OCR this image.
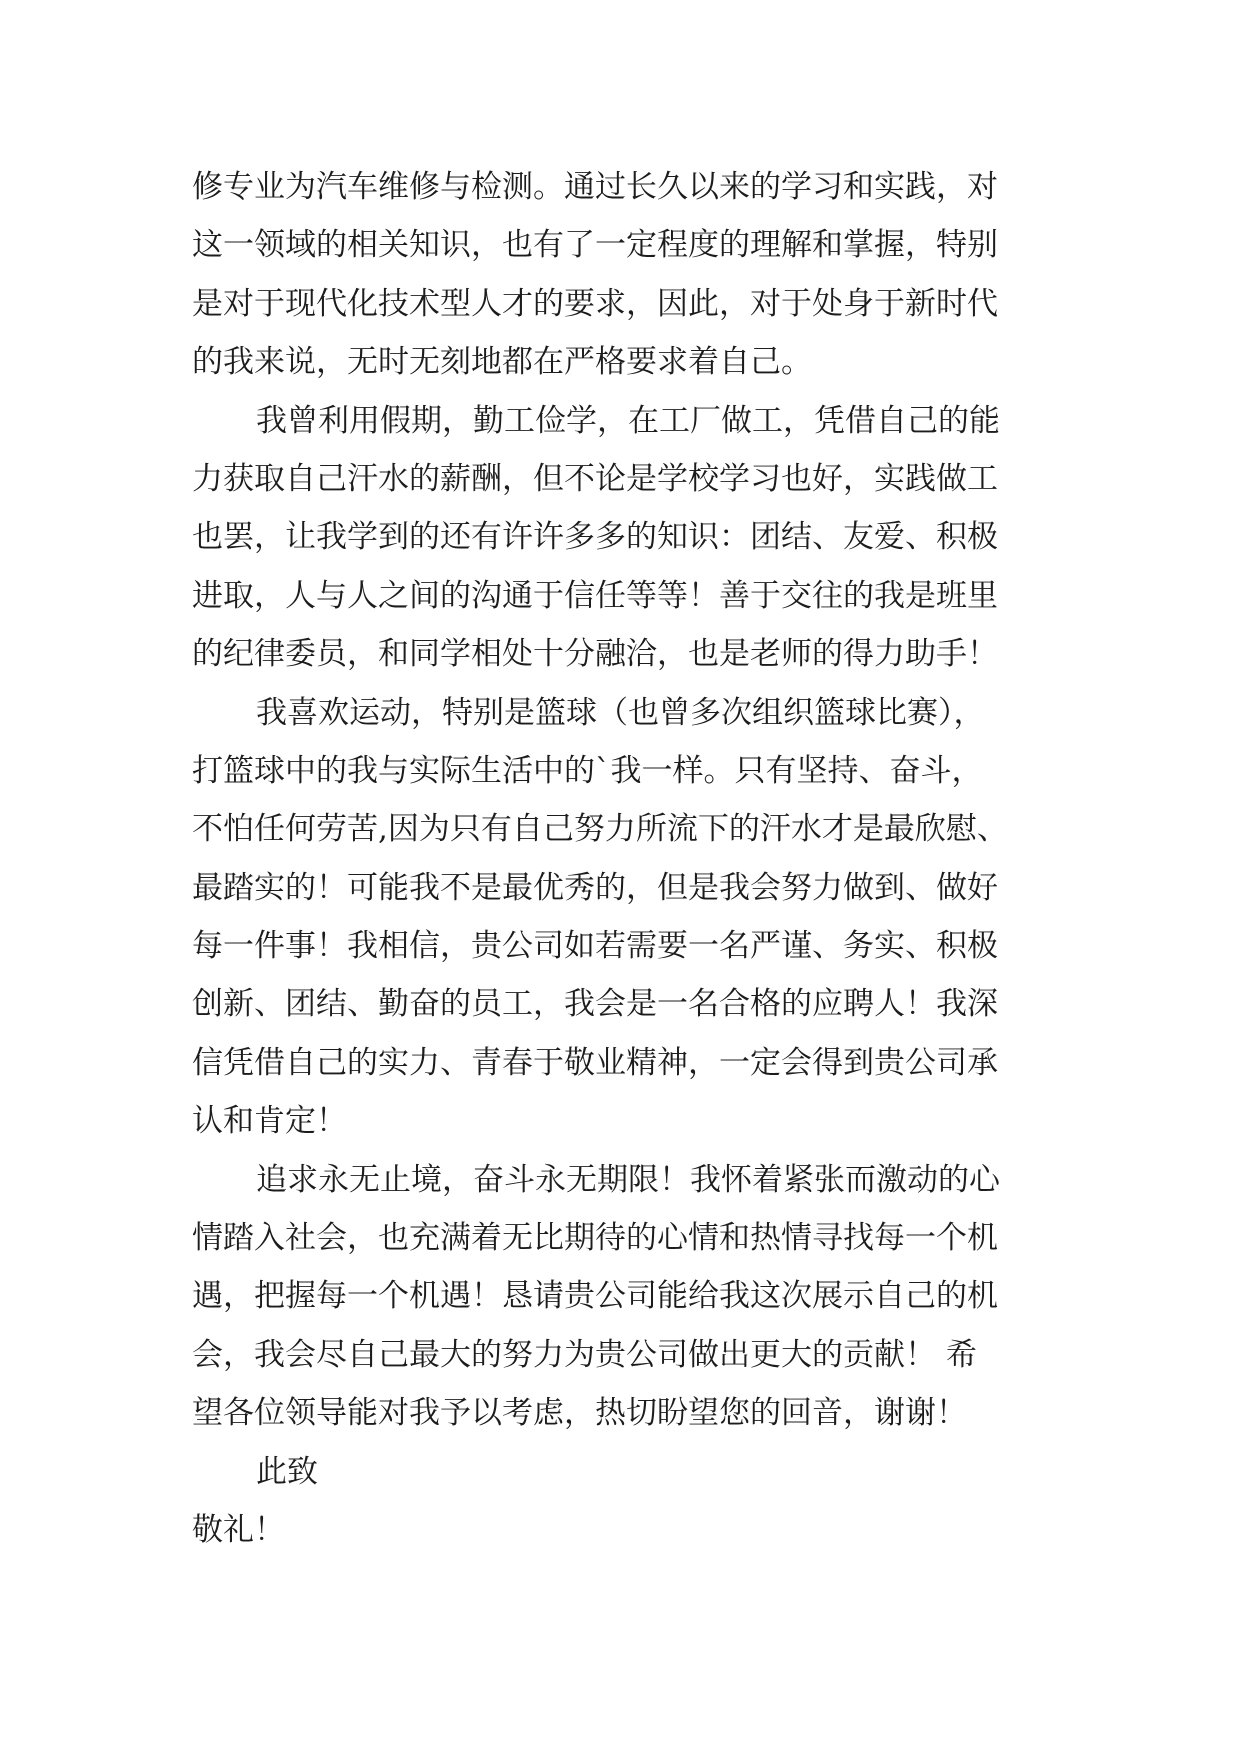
修专业为汽车维修与检测。通过长久以来的学习和实践，对
这一领域的相关知识，也有了一定程度的理解和掌握，特别
是对于现代化技术型人才的要求，因此，对于处身于新时代
的我来说，无时无刻地都在严格要求着自己。
我曾利用假期，勤工俭学，在工厂做工，凭借自己的能
力获取自己汗水的薪酬，但不论是学校学习也好，实践做工
也罢，让我学到的还有许许多多的知识：团结、友爱、积极
进取，人与人之间的沟通于信任等等！善于交往的我是班里
的纪律委员，和同学相处十分融洽，也是老师的得力助手！
我喜欢运动，特别是篮球（也曾多次组织篮球比赛），
打篮球中的我与实际生活中的`我一样。只有坚持、奋斗，
不怕任何劳苦,因为只有自己努力所流下的汗水才是最欣慰、
最踏实的！可能我不是最优秀的，但是我会努力做到、做好
每一件事！我相信，贵公司如若需要一名严谨、务实、积极
创新、团结、勤奋的员工，我会是一名合格的应聘人！我深
信凭借自己的实力、青春于敬业精神，一定会得到贵公司承
认和肯定！
追求永无止境，奋斗永无期限！我怀着紧张而激动的心
情踏入社会，也充满着无比期待的心情和热情寻找每一个机
遇，把握每一个机遇！恳请贵公司能给我这次展示自己的机
会，我会尽自己最大的努力为贵公司做出更大的贡献！ 希
望各位领导能对我予以考虑，热切盼望您的回音，谢谢！
此致
敬礼！
